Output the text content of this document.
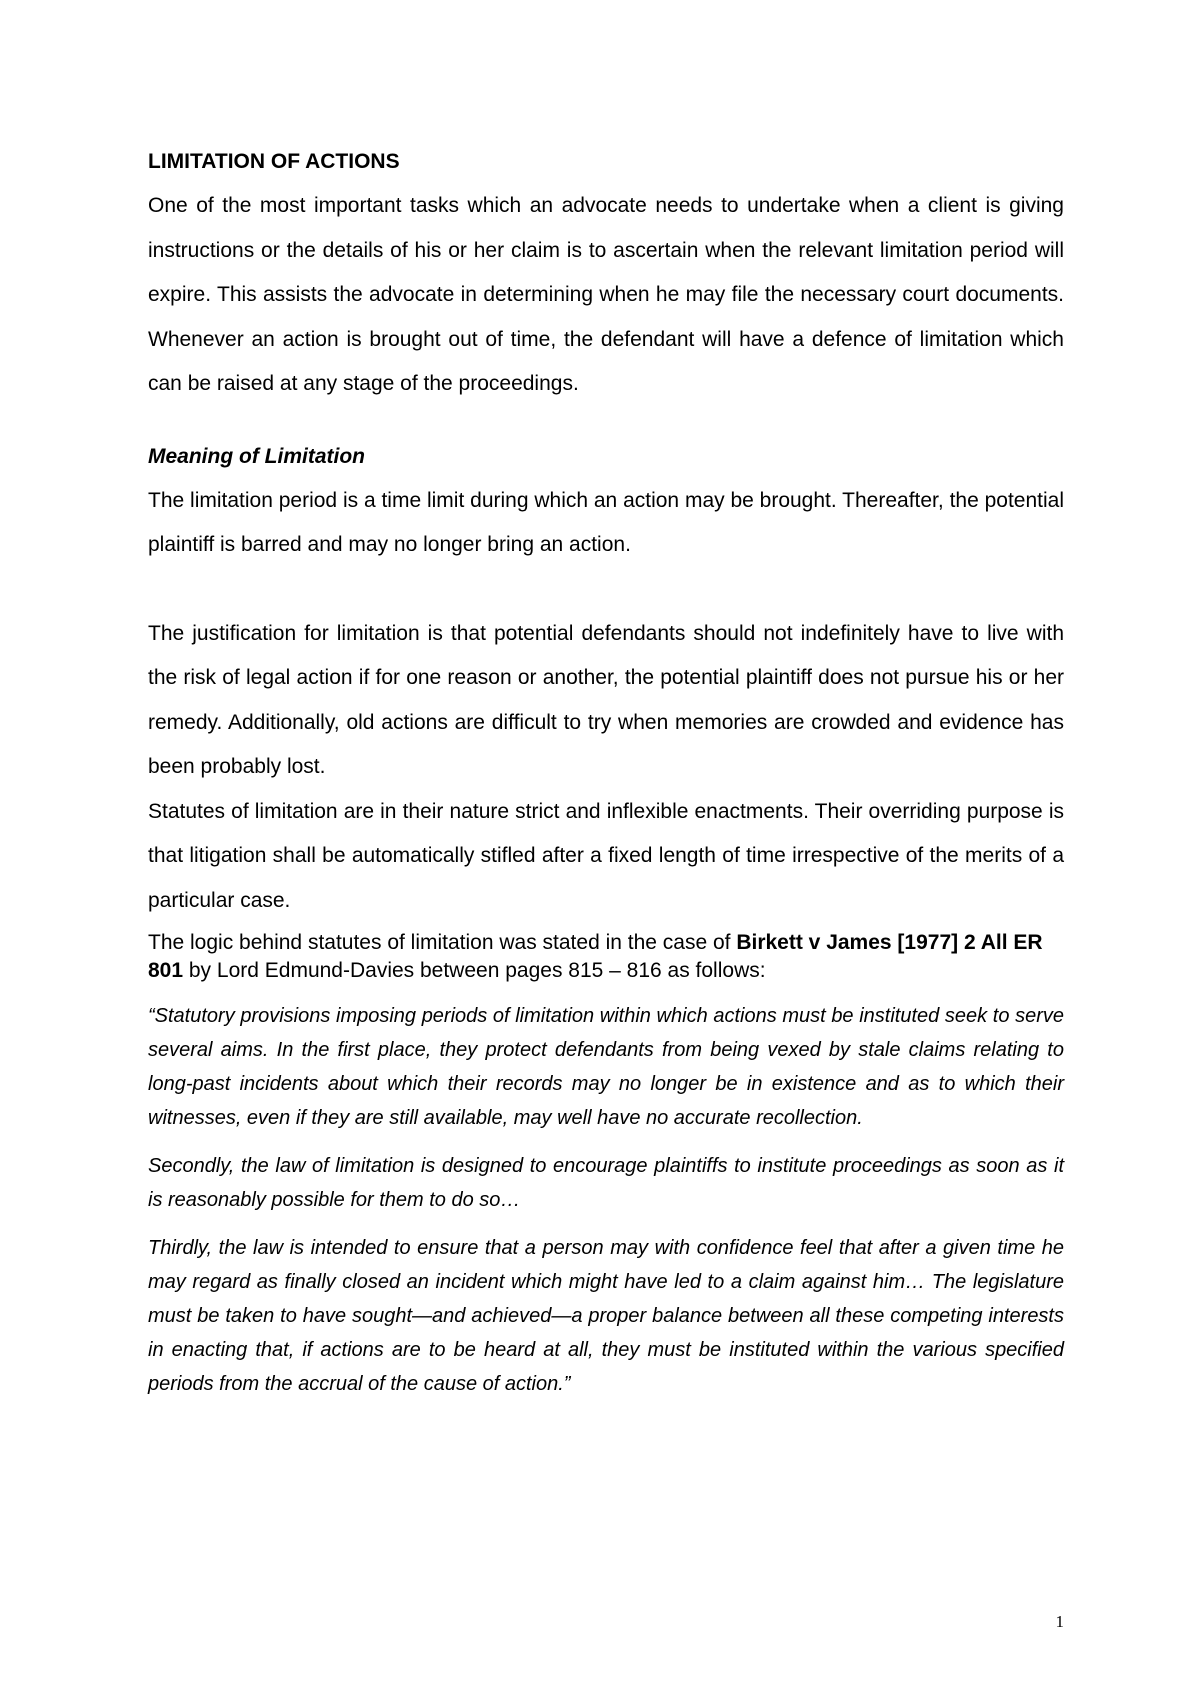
LIMITATION OF ACTIONS

One of the most important tasks which an advocate needs to undertake when a client is giving instructions or the details of his or her claim is to ascertain when the relevant limitation period will expire. This assists the advocate in determining when he may file the necessary court documents. Whenever an action is brought out of time, the defendant will have a defence of limitation which can be raised at any stage of the proceedings.

Meaning of Limitation

The limitation period is a time limit during which an action may be brought. Thereafter, the potential plaintiff is barred and may no longer bring an action.

The justification for limitation is that potential defendants should not indefinitely have to live with the risk of legal action if for one reason or another, the potential plaintiff does not pursue his or her remedy. Additionally, old actions are difficult to try when memories are crowded and evidence has been probably lost.

Statutes of limitation are in their nature strict and inflexible enactments. Their overriding purpose is that litigation shall be automatically stifled after a fixed length of time irrespective of the merits of a particular case.

The logic behind statutes of limitation was stated in the case of Birkett v James [1977] 2 All ER 801 by Lord Edmund-Davies between pages 815 – 816 as follows:

“Statutory provisions imposing periods of limitation within which actions must be instituted seek to serve several aims. In the first place, they protect defendants from being vexed by stale claims relating to long-past incidents about which their records may no longer be in existence and as to which their witnesses, even if they are still available, may well have no accurate recollection.

Secondly, the law of limitation is designed to encourage plaintiffs to institute proceedings as soon as it is reasonably possible for them to do so…

Thirdly, the law is intended to ensure that a person may with confidence feel that after a given time he may regard as finally closed an incident which might have led to a claim against him… The legislature must be taken to have sought—and achieved—a proper balance between all these competing interests in enacting that, if actions are to be heard at all, they must be instituted within the various specified periods from the accrual of the cause of action.”

1
